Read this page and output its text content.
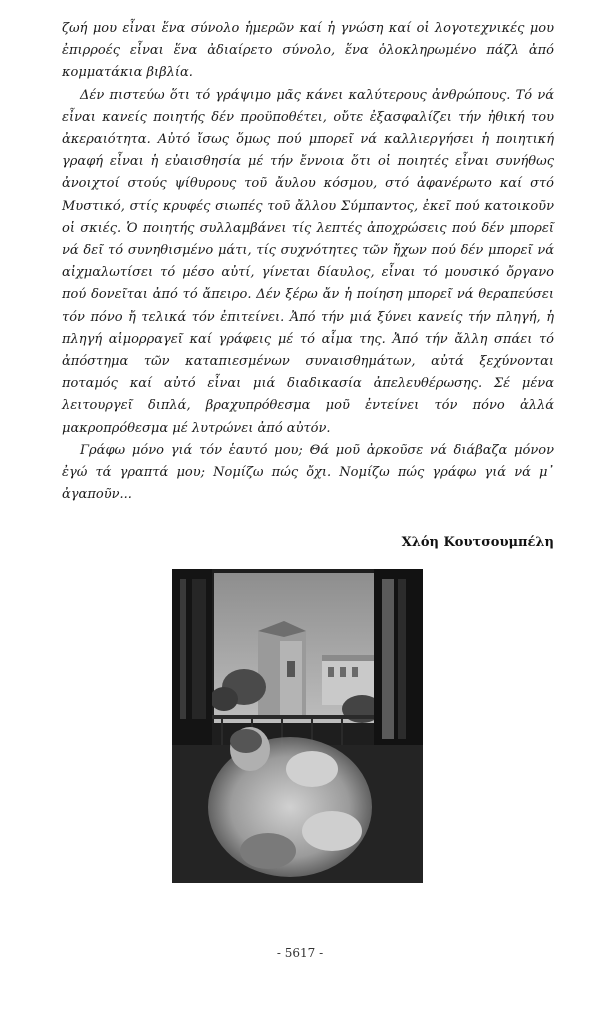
ζωή μου εἶναι ἕνα σύνολο ἡμερῶν καί ἡ γνώση καί οἱ λογοτεχνικές μου ἐπιρροές εἶναι ἕνα ἀδιαίρετο σύνολο, ἕνα ὁλοκληρωμένο πάζλ ἀπό κομματάκια βιβλία.

Δέν πιστεύω ὅτι τό γράψιμο μᾶς κάνει καλύτερους ἀνθρώπους. Τό νά εἶναι κανείς ποιητής δέν προϋποθέτει, οὔτε ἐξασφαλίζει τήν ἠθική του ἀκεραιότητα. Αὐτό ἴσως ὅμως πού μπορεῖ νά καλλιεργήσει ἡ ποιητική γραφή εἶναι ἡ εὐαισθησία μέ τήν ἔννοια ὅτι οἱ ποιητές εἶναι συνήθως ἀνοιχτοί στούς ψίθυρους τοῦ ἄυλου κόσμου, στό ἀφανέρωτο καί στό Μυστικό, στίς κρυφές σιωπές τοῦ ἄλλου Σύμπαντος, ἐκεῖ πού κατοικοῦν οἱ σκιές. Ὁ ποιητής συλλαμβάνει τίς λεπτές ἀποχρώσεις πού δέν μπορεῖ νά δεῖ τό συνηθισμένο μάτι, τίς συχνότητες τῶν ἤχων πού δέν μπορεῖ νά αἰχμαλωτίσει τό μέσο αὐτί, γίνεται δίαυλος, εἶναι τό μουσικό ὄργανο πού δονεῖται ἀπό τό ἄπειρο. Δέν ξέρω ἄν ἡ ποίηση μπορεῖ νά θεραπεύσει τόν πόνο ἤ τελικά τόν ἐπιτείνει. Ἀπό τήν μιά ξύνει κανείς τήν πληγή, ἡ πληγή αἱμορραγεῖ καί γράφεις μέ τό αἷμα της. Ἀπό τήν ἄλλη σπάει τό ἀπόστημα τῶν καταπιεσμένων συναισθημάτων, αὐτά ξεχύνονται ποταμός καί αὐτό εἶναι μιά διαδικασία ἀπελευθέρωσης. Σέ μένα λειτουργεῖ διπλά, βραχυπρόθεσμα μοῦ ἐντείνει τόν πόνο ἀλλά μακροπρόθεσμα μέ λυτρώνει ἀπό αὐτόν.

Γράφω μόνο γιά τόν ἑαυτό μου; Θά μοῦ ἀρκοῦσε νά διάβαζα μόνον ἐγώ τά γραπτά μου; Νομίζω πώς ὄχι. Νομίζω πώς γράφω γιά νά μ᾿ ἀγαποῦν...

Χλόη Κουτσουμπέλη
- 5617 -
